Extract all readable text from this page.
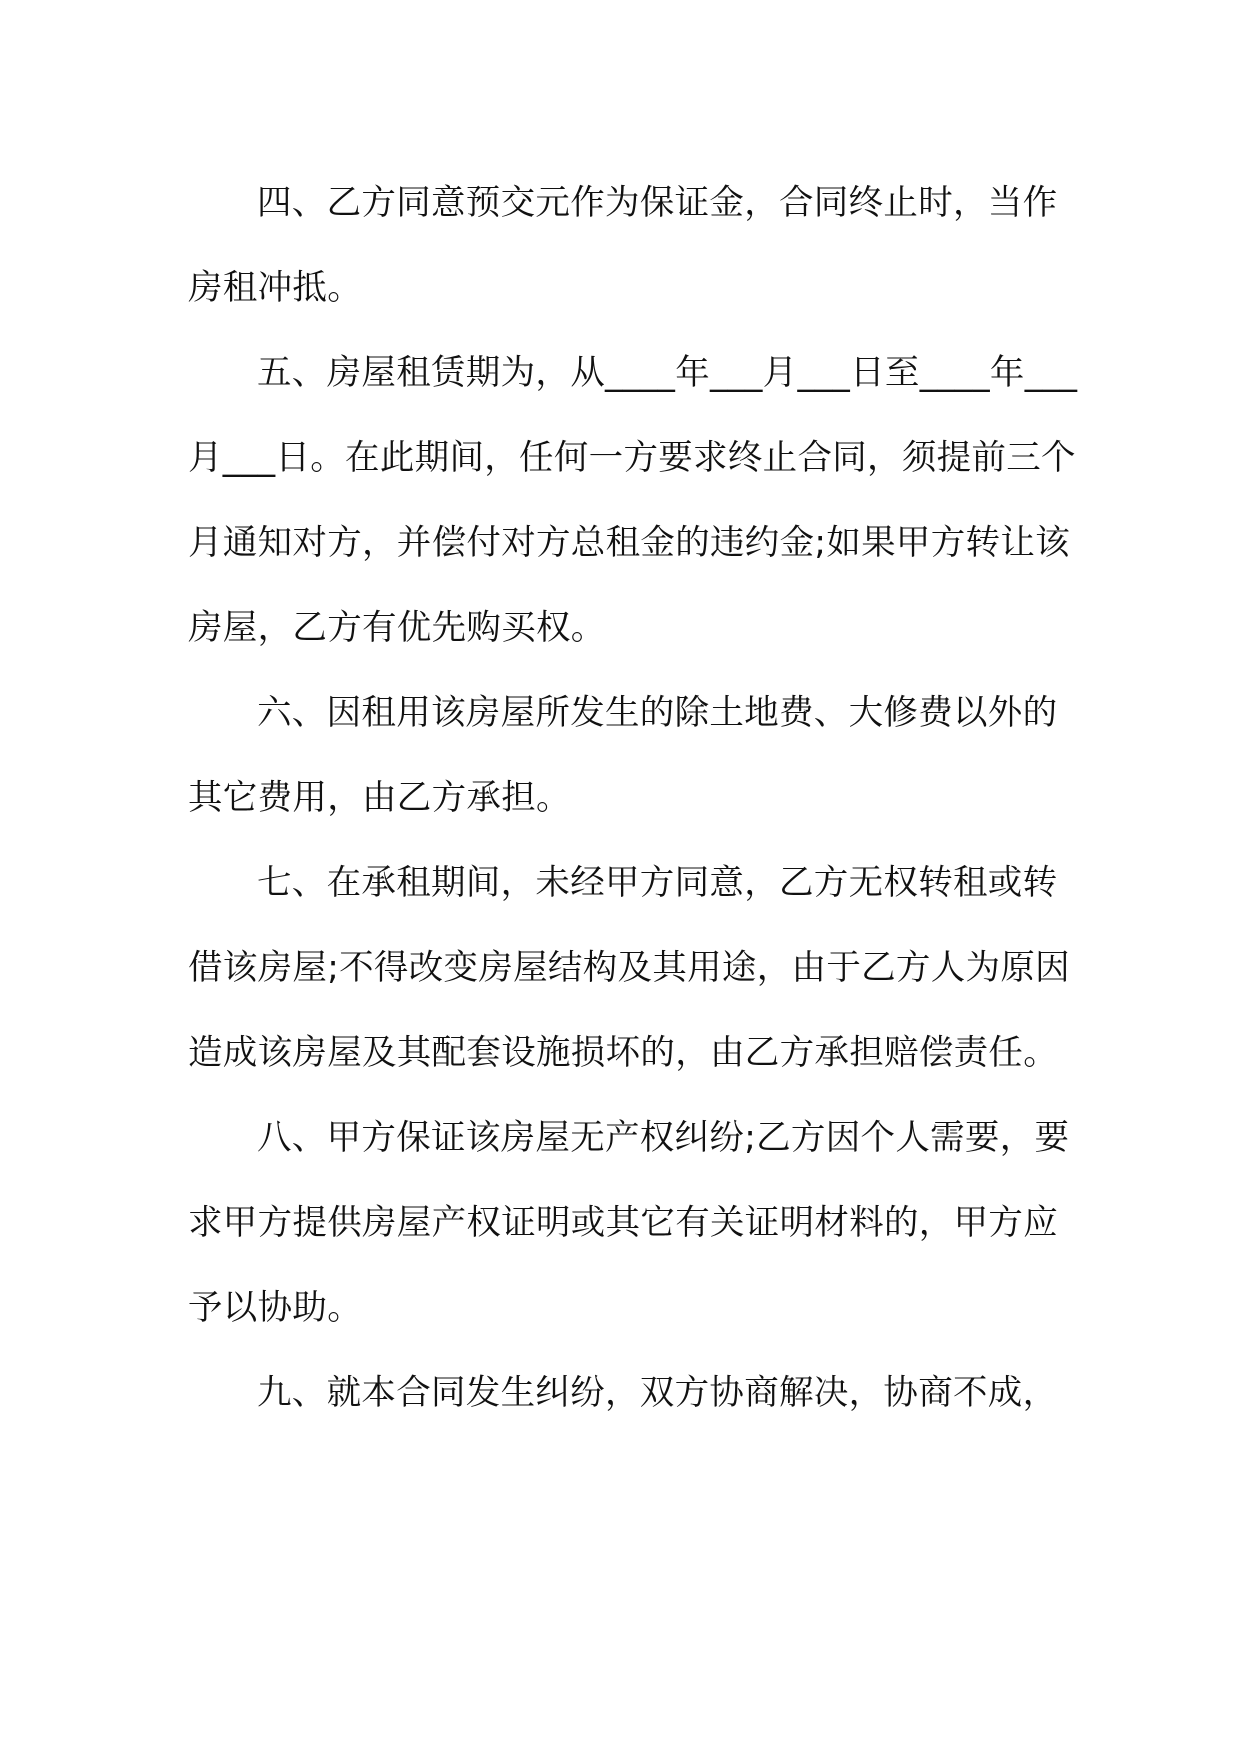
四、乙方同意预交元作为保证金，合同终止时，当作
房租冲抵。
五、房屋租赁期为，从____年___月___日至____年___
月___日。在此期间，任何一方要求终止合同，须提前三个
月通知对方，并偿付对方总租金的违约金;如果甲方转让该
房屋，乙方有优先购买权。
六、因租用该房屋所发生的除土地费、大修费以外的
其它费用，由乙方承担。
七、在承租期间，未经甲方同意，乙方无权转租或转
借该房屋;不得改变房屋结构及其用途，由于乙方人为原因
造成该房屋及其配套设施损坏的，由乙方承担赔偿责任。
八、甲方保证该房屋无产权纠纷;乙方因个人需要，要
求甲方提供房屋产权证明或其它有关证明材料的，甲方应
予以协助。
九、就本合同发生纠纷，双方协商解决，协商不成，
